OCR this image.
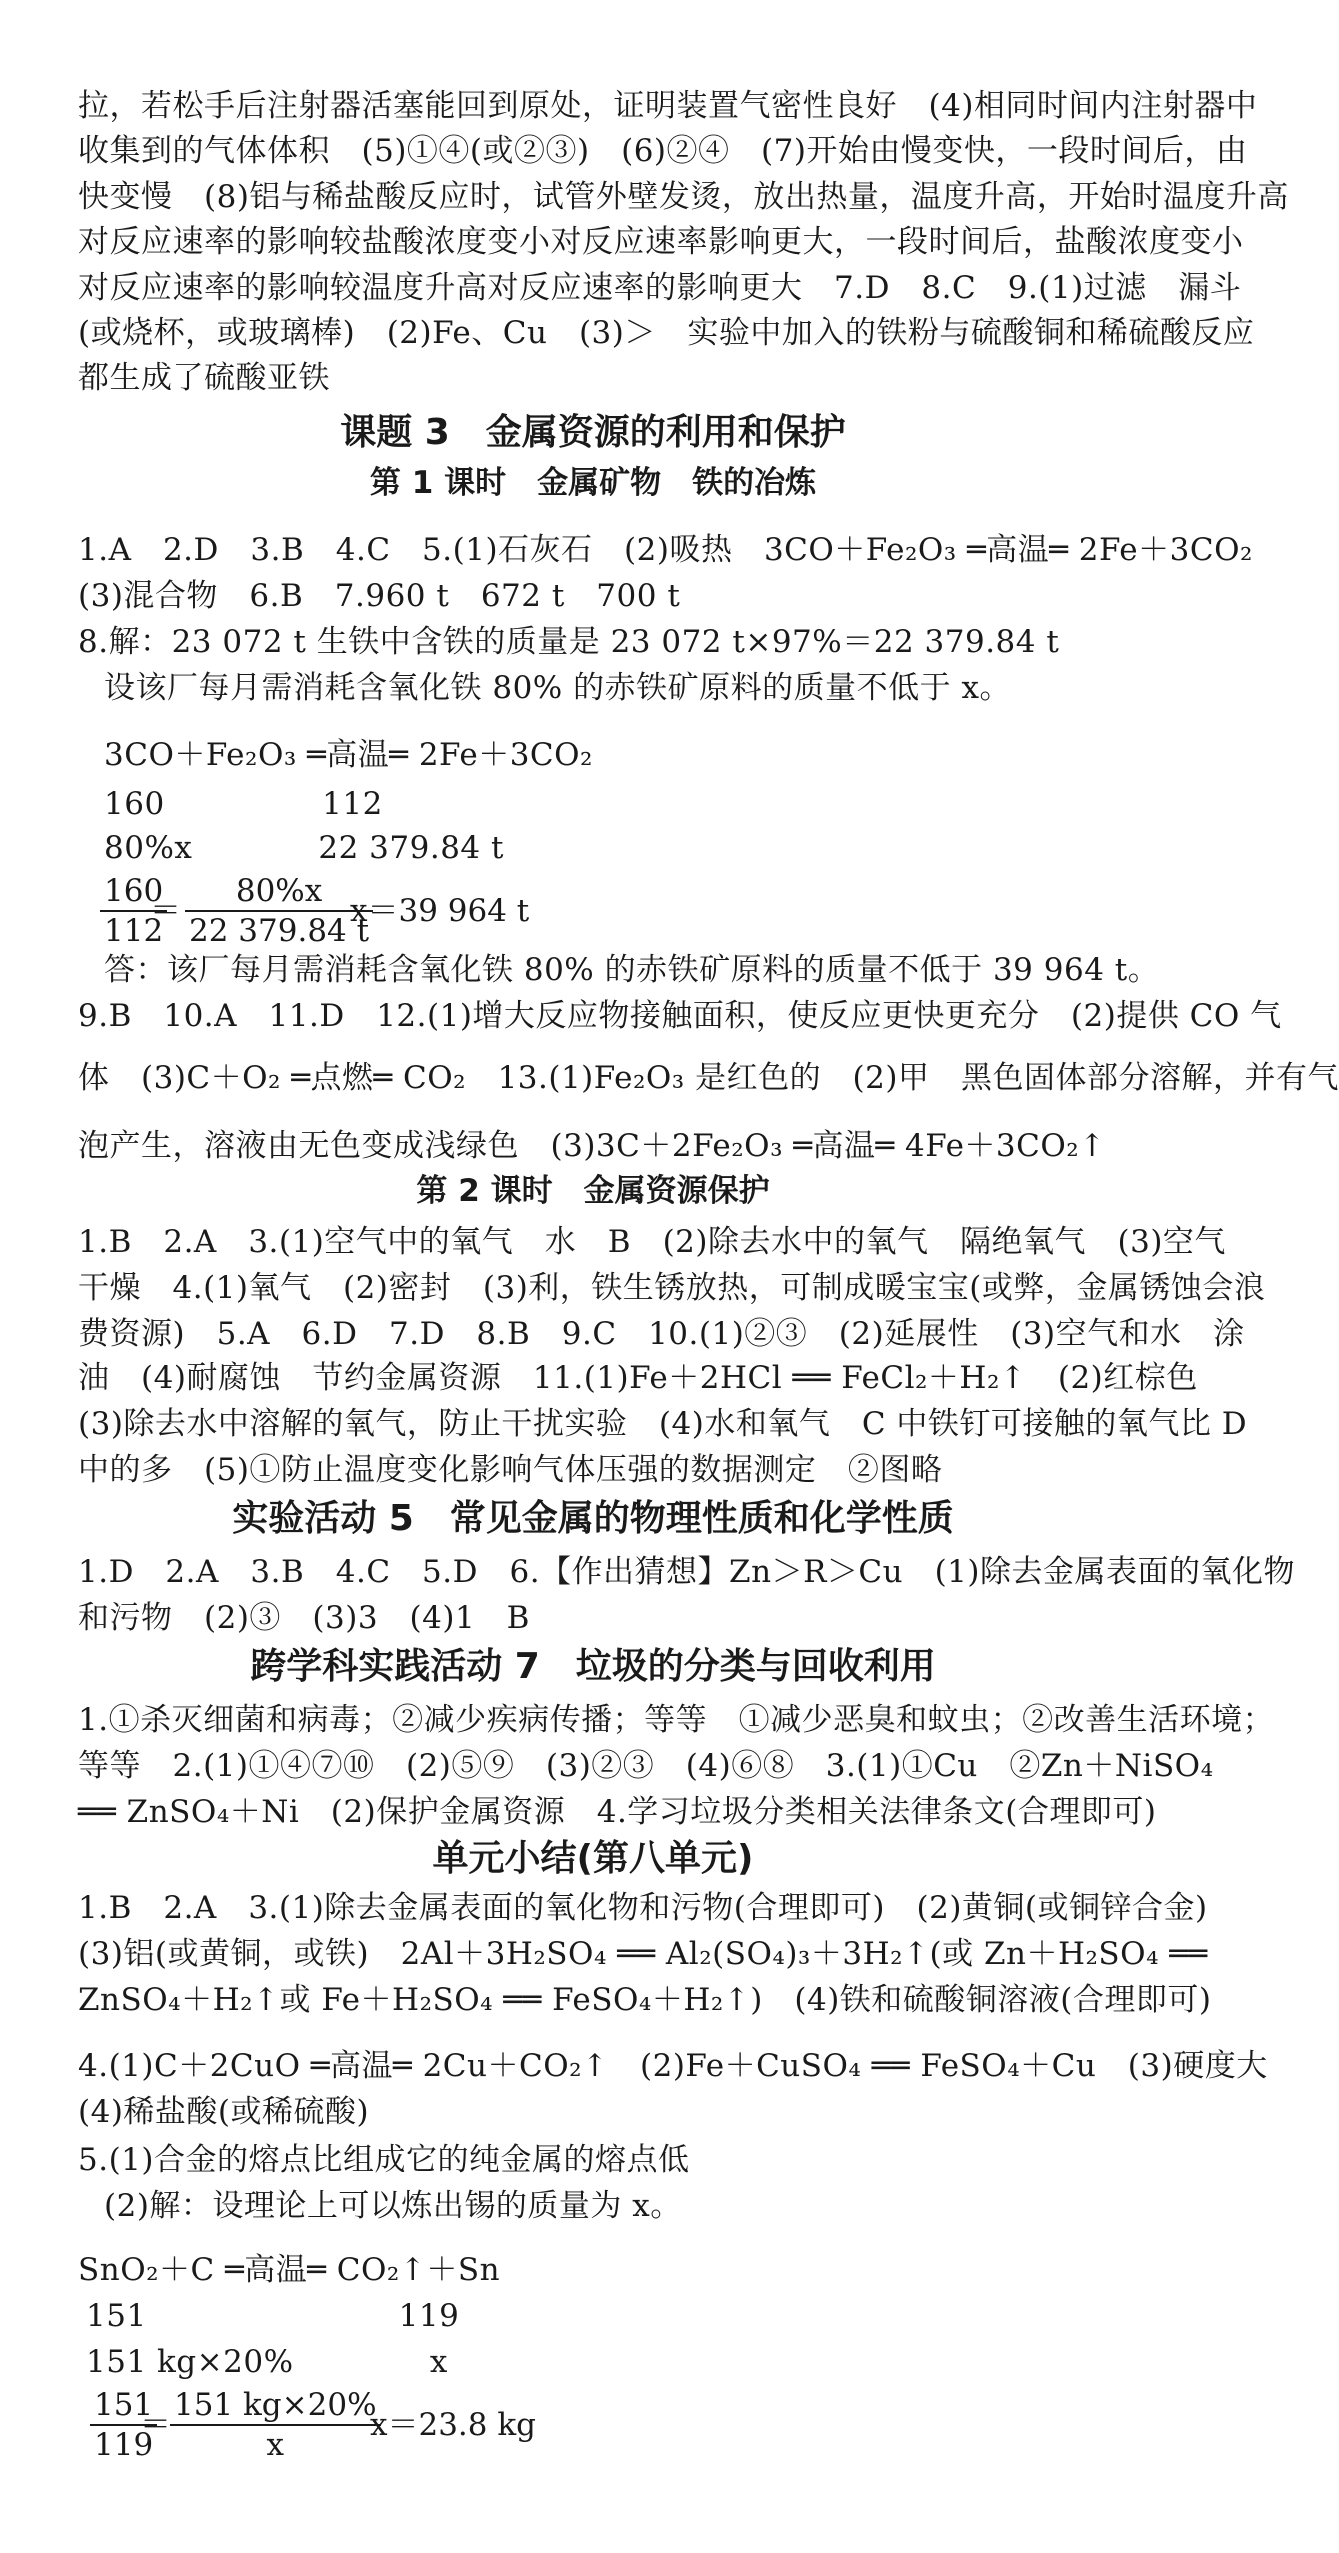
拉，若松手后注射器活塞能回到原处，证明装置气密性良好　(4)相同时间内注射器中
收集到的气体体积　(5)①④(或②③)　(6)②④　(7)开始由慢变快，一段时间后，由
快变慢　(8)铝与稀盐酸反应时，试管外壁发烫，放出热量，温度升高，开始时温度升高
对反应速率的影响较盐酸浓度变小对反应速率影响更大，一段时间后，盐酸浓度变小
对反应速率的影响较温度升高对反应速率的影响更大　7.D　8.C　9.(1)过滤　漏斗
(或烧杯，或玻璃棒)　(2)Fe、Cu　(3)＞　实验中加入的铁粉与硫酸铜和稀硫酸反应
都生成了硫酸亚铁
课题 3　金属资源的利用和保护
第 1 课时　金属矿物　铁的冶炼
1.A　2.D　3.B　4.C　5.(1)石灰石　(2)吸热　3CO＋Fe₂O₃ ═高温═ 2Fe＋3CO₂
(3)混合物　6.B　7.960 t　672 t　700 t
8.解：23 072 t 生铁中含铁的质量是 23 072 t×97%＝22 379.84 t
设该厂每月需消耗含氧化铁 80% 的赤铁矿原料的质量不低于 x。
3CO＋Fe₂O₃ ═高温═ 2Fe＋3CO₂
160　　　　　112
80%x　　　　22 379.84 t
$\frac{160}{112}$
＝ $\frac{80\%x}{22 379.84 t}$
x＝39 964 t
答：该厂每月需消耗含氧化铁 80% 的赤铁矿原料的质量不低于 39 964 t。
9.B　10.A　11.D　12.(1)增大反应物接触面积，使反应更快更充分　(2)提供 CO 气
体　(3)C＋O₂ ═点燃═ CO₂　13.(1)Fe₂O₃ 是红色的　(2)甲　黑色固体部分溶解，并有气
泡产生，溶液由无色变成浅绿色　(3)3C＋2Fe₂O₃ ═高温═ 4Fe＋3CO₂↑
第 2 课时　金属资源保护
1.B　2.A　3.(1)空气中的氧气　水　B　(2)除去水中的氧气　隔绝氧气　(3)空气
干燥　4.(1)氧气　(2)密封　(3)利，铁生锈放热，可制成暖宝宝(或弊，金属锈蚀会浪
费资源)　5.A　6.D　7.D　8.B　9.C　10.(1)②③　(2)延展性　(3)空气和水　涂
油　(4)耐腐蚀　节约金属资源　11.(1)Fe＋2HCl ══ FeCl₂＋H₂↑　(2)红棕色
(3)除去水中溶解的氧气，防止干扰实验　(4)水和氧气　C 中铁钉可接触的氧气比 D
中的多　(5)①防止温度变化影响气体压强的数据测定　②图略
实验活动 5　常见金属的物理性质和化学性质
1.D　2.A　3.B　4.C　5.D　6.【作出猜想】Zn＞R＞Cu　(1)除去金属表面的氧化物
和污物　(2)③　(3)3　(4)1　B
跨学科实践活动 7　垃圾的分类与回收利用
1.①杀灭细菌和病毒；②减少疾病传播；等等　①减少恶臭和蚊虫；②改善生活环境；
等等　2.(1)①④⑦⑩　(2)⑤⑨　(3)②③　(4)⑥⑧　3.(1)①Cu　②Zn＋NiSO₄
══ ZnSO₄＋Ni　(2)保护金属资源　4.学习垃圾分类相关法律条文(合理即可)
单元小结(第八单元)
1.B　2.A　3.(1)除去金属表面的氧化物和污物(合理即可)　(2)黄铜(或铜锌合金)
(3)铝(或黄铜，或铁)　2Al＋3H₂SO₄ ══ Al₂(SO₄)₃＋3H₂↑(或 Zn＋H₂SO₄ ══
ZnSO₄＋H₂↑或 Fe＋H₂SO₄ ══ FeSO₄＋H₂↑)　(4)铁和硫酸铜溶液(合理即可)
4.(1)C＋2CuO ═高温═ 2Cu＋CO₂↑　(2)Fe＋CuSO₄ ══ FeSO₄＋Cu　(3)硬度大
(4)稀盐酸(或稀硫酸)
5.(1)合金的熔点比组成它的纯金属的熔点低
(2)解：设理论上可以炼出锡的质量为 x。
SnO₂＋C ═高温═ CO₂↑＋Sn
151　　　　　　　　119
151 kg×20%　　　　 x
$\frac{151}{119}$
＝ $\frac{151 kg\times 20\%}{x}$
x＝23.8 kg
